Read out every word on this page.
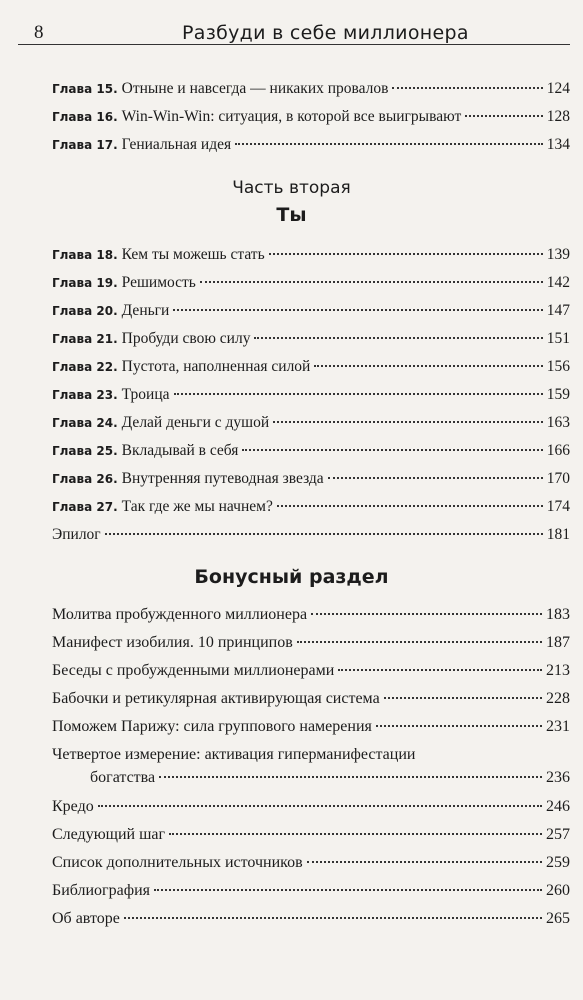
8	Разбуди в себе миллионера
Глава 15. Отныне и навсегда — никаких провалов	124
Глава 16. Win-Win-Win: ситуация, в которой все выигрывают	128
Глава 17. Гениальная идея	134
Часть вторая
Ты
Глава 18. Кем ты можешь стать	139
Глава 19. Решимость	142
Глава 20. Деньги	147
Глава 21. Пробуди свою силу	151
Глава 22. Пустота, наполненная силой	156
Глава 23. Троица	159
Глава 24. Делай деньги с душой	163
Глава 25. Вкладывай в себя	166
Глава 26. Внутренняя путеводная звезда	170
Глава 27. Так где же мы начнем?	174
Эпилог	181
Бонусный раздел
Молитва пробужденного миллионера	183
Манифест изобилия. 10 принципов	187
Беседы с пробужденными миллионерами	213
Бабочки и ретикулярная активирующая система	228
Поможем Парижу: сила группового намерения	231
Четвертое измерение: активация гиперманифестации
богатства	236
Кредо	246
Следующий шаг	257
Список дополнительных источников	259
Библиография	260
Об авторе	265
